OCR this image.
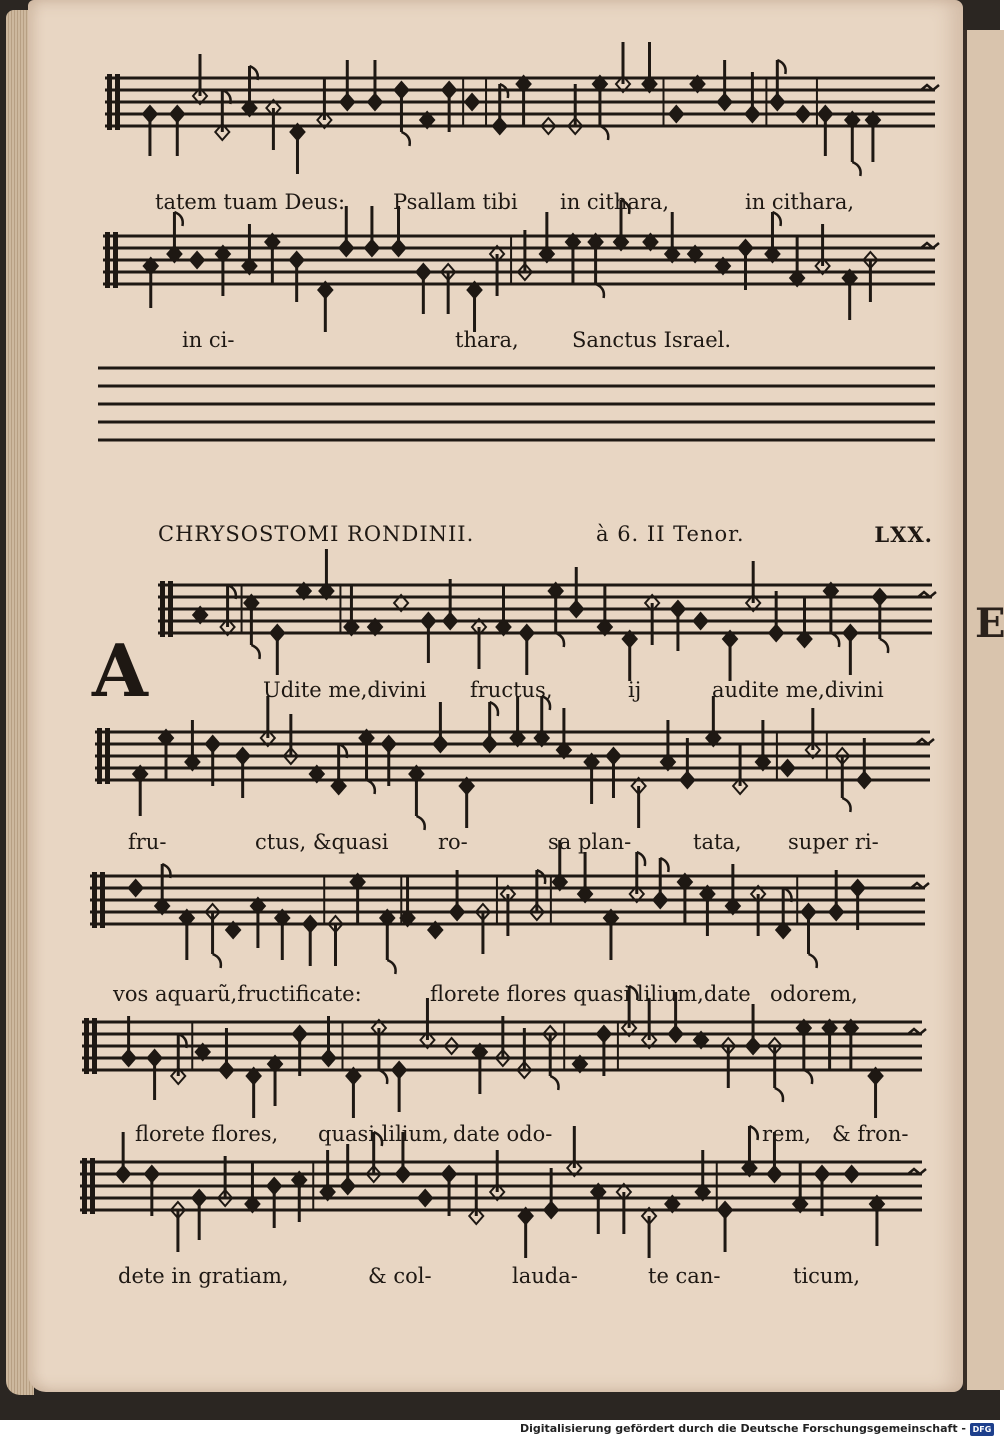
E
tatem tuam Deus: Psallam tibi in cithara,	in cithara,
in ci-	thara,	Sanctus Israel.
CHRYSOSTOMI RONDINII.	à 6. II Tenor.	LXX.
A	Udite me,divini fructus,	ij	audite me,divini
fru-	ctus, &quasi ro-	sa plan-	tata, super ri-
vos aquarũ,fructificate:	florete flores quasi lilium,date odorem,
florete flores, quasi lilium, date odo-	rem, & fron-
dete in gratiam,	& col-	lauda-	te can-	ticum,
Digitalisierung gefördert durch die Deutsche Forschungsgemeinschaft - DFG
